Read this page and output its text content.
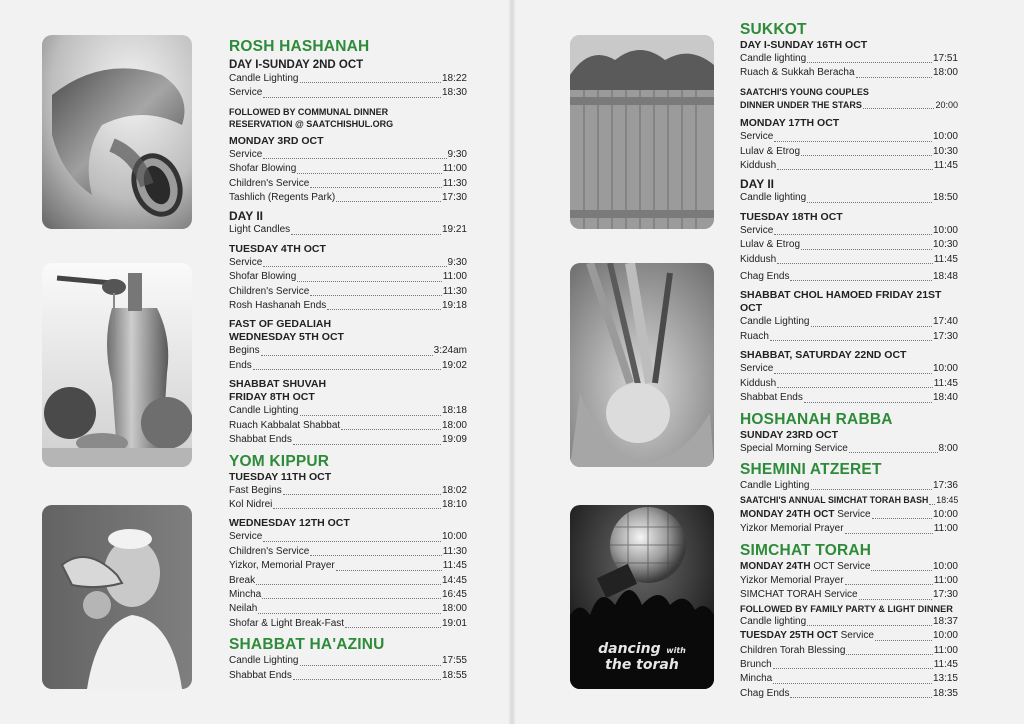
dancing with
the torah
ROSH HASHANAH
DAY I-SUNDAY 2ND OCT
Candle Lighting	18:22
Service	18:30
FOLLOWED BY COMMUNAL DINNER
RESERVATION @ SAATCHISHUL.ORG
MONDAY 3RD OCT
Service	9:30
Shofar Blowing	11:00
Children's Service	11:30
Tashlich (Regents Park)	17:30
DAY II
Light Candles	19:21
TUESDAY 4TH OCT
Service	9:30
Shofar Blowing	11:00
Children's Service	11:30
Rosh Hashanah Ends	19:18
FAST OF GEDALIAH
WEDNESDAY 5TH OCT
Begins	3:24am
Ends	19:02
SHABBAT SHUVAH
FRIDAY 8TH OCT
Candle Lighting	18:18
Ruach Kabbalat Shabbat	18:00
Shabbat Ends	19:09
YOM KIPPUR
TUESDAY 11TH OCT
Fast Begins	18:02
Kol Nidrei	18:10
WEDNESDAY 12TH OCT
Service	10:00
Children's Service	11:30
Yizkor, Memorial Prayer	11:45
Break	14:45
Mincha	16:45
Neilah	18:00
Shofar & Light Break-Fast	19:01
SHABBAT HA'AZINU
Candle Lighting	17:55
Shabbat Ends	18:55
SUKKOT
DAY I-SUNDAY 16TH OCT
Candle lighting	17:51
Ruach & Sukkah Beracha	18:00
SAATCHI'S YOUNG COUPLES
DINNER UNDER THE STARS	20:00
MONDAY 17TH OCT
Service	10:00
Lulav & Etrog	10:30
Kiddush	11:45
DAY II
Candle lighting	18:50
TUESDAY 18TH OCT
Service	10:00
Lulav & Etrog	10:30
Kiddush	11:45
Chag Ends	18:48
SHABBAT CHOL HAMOED FRIDAY 21ST OCT
Candle Lighting	17:40
Ruach	17:30
SHABBAT, SATURDAY 22ND OCT
Service	10:00
Kiddush	11:45
Shabbat Ends	18:40
HOSHANAH RABBA
SUNDAY 23RD OCT
Special Morning Service	8:00
SHEMINI ATZERET
Candle Lighting	17:36
SAATCHI'S ANNUAL SIMCHAT TORAH BASH 18:45
MONDAY 24TH OCT Service	10:00
Yizkor Memorial Prayer	11:00
SIMCHAT TORAH
MONDAY 24TH OCT Service	10:00
Yizkor Memorial Prayer	11:00
SIMCHAT TORAH Service	17:30
FOLLOWED BY FAMILY PARTY & LIGHT DINNER
Candle lighting	18:37
TUESDAY 25TH OCT Service	10:00
Children Torah Blessing	11:00
Brunch	11:45
Mincha	13:15
Chag Ends	18:35
